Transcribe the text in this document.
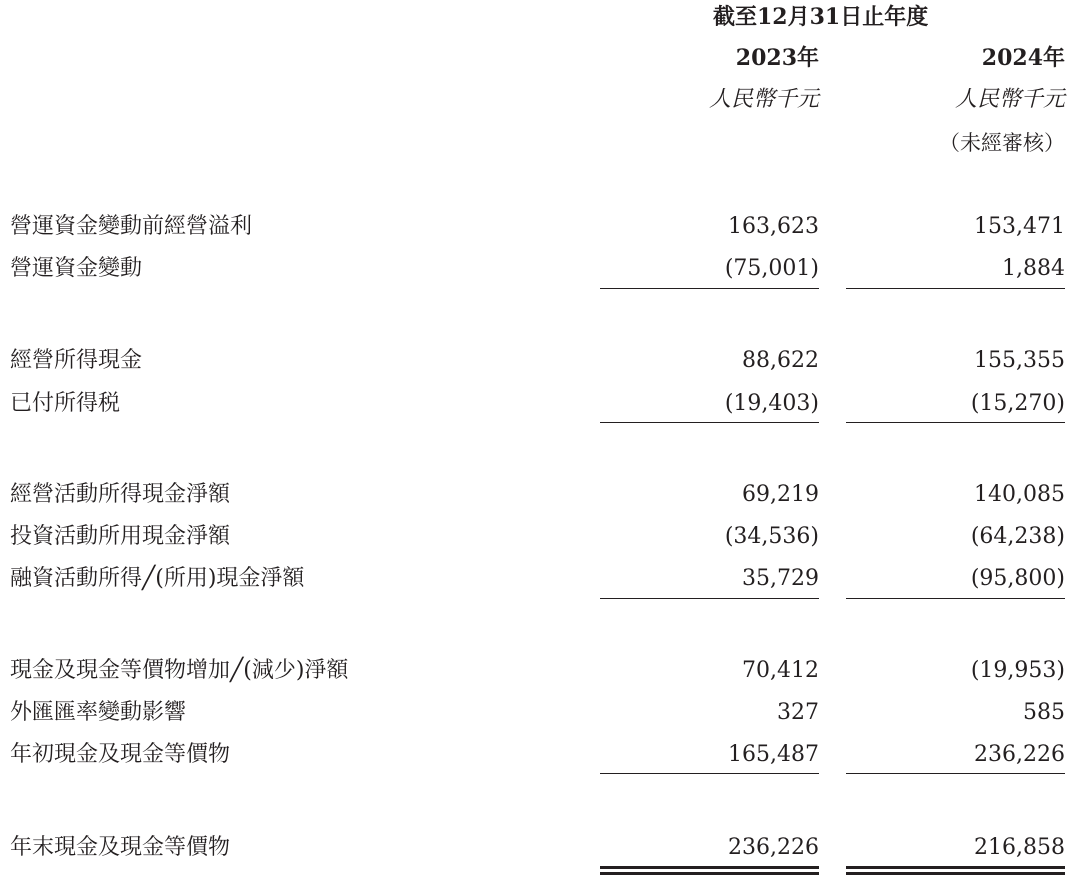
截至12月31日止年度
2023年	2024年
人民幣千元	人民幣千元
（未經審核）
營運資金變動前經營溢利	163,623	153,471
營運資金變動	(75,001)	1,884
經營所得現金	88,622	155,355
已付所得税	(19,403)	(15,270)
經營活動所得現金淨額	69,219	140,085
投資活動所用現金淨額	(34,536)	(64,238)
融資活動所得╱(所用)現金淨額	35,729	(95,800)
現金及現金等價物增加╱(減少)淨額	70,412	(19,953)
外匯匯率變動影響	327	585
年初現金及現金等價物	165,487	236,226
年末現金及現金等價物	236,226	216,858
